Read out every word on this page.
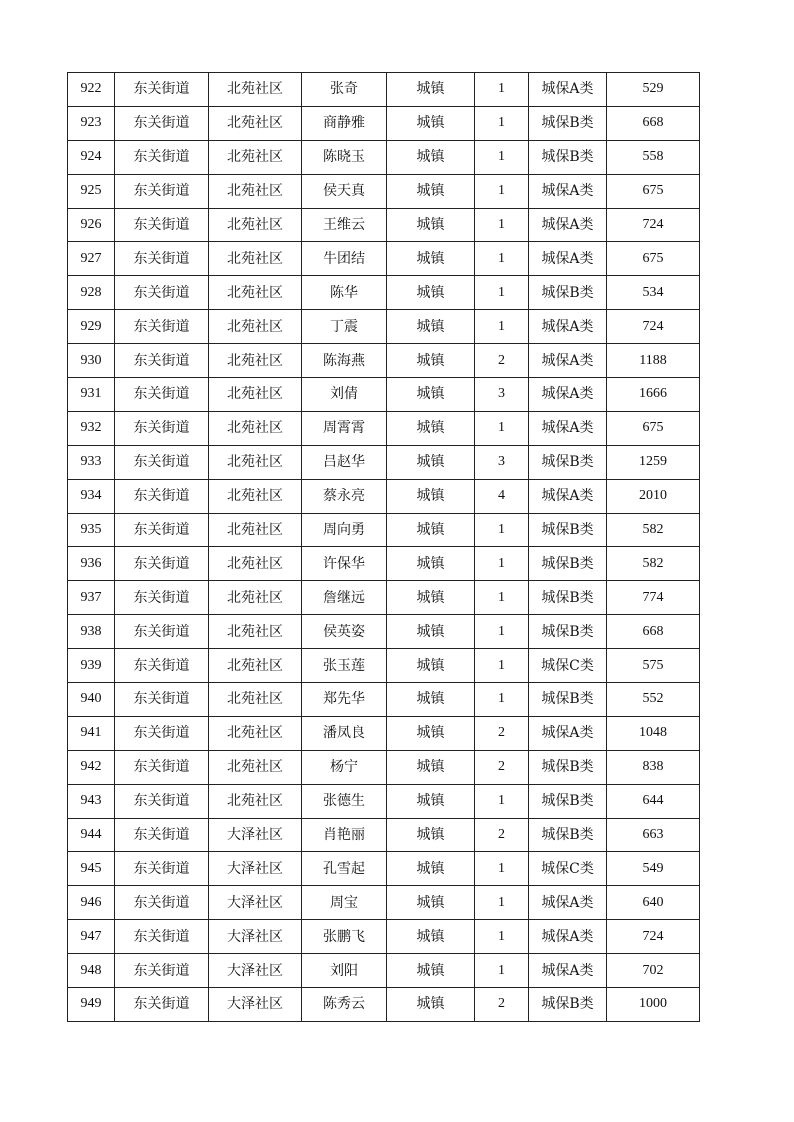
922	东关街道	北苑社区	张奇	城镇	1	城保A类	529
923	东关街道	北苑社区	商静雅	城镇	1	城保B类	668
924	东关街道	北苑社区	陈晓玉	城镇	1	城保B类	558
925	东关街道	北苑社区	侯天真	城镇	1	城保A类	675
926	东关街道	北苑社区	王维云	城镇	1	城保A类	724
927	东关街道	北苑社区	牛团结	城镇	1	城保A类	675
928	东关街道	北苑社区	陈华	城镇	1	城保B类	534
929	东关街道	北苑社区	丁震	城镇	1	城保A类	724
930	东关街道	北苑社区	陈海燕	城镇	2	城保A类	1188
931	东关街道	北苑社区	刘倩	城镇	3	城保A类	1666
932	东关街道	北苑社区	周霄霄	城镇	1	城保A类	675
933	东关街道	北苑社区	吕赵华	城镇	3	城保B类	1259
934	东关街道	北苑社区	蔡永亮	城镇	4	城保A类	2010
935	东关街道	北苑社区	周向勇	城镇	1	城保B类	582
936	东关街道	北苑社区	许保华	城镇	1	城保B类	582
937	东关街道	北苑社区	詹继远	城镇	1	城保B类	774
938	东关街道	北苑社区	侯英姿	城镇	1	城保B类	668
939	东关街道	北苑社区	张玉莲	城镇	1	城保C类	575
940	东关街道	北苑社区	郑先华	城镇	1	城保B类	552
941	东关街道	北苑社区	潘凤良	城镇	2	城保A类	1048
942	东关街道	北苑社区	杨宁	城镇	2	城保B类	838
943	东关街道	北苑社区	张德生	城镇	1	城保B类	644
944	东关街道	大泽社区	肖艳丽	城镇	2	城保B类	663
945	东关街道	大泽社区	孔雪起	城镇	1	城保C类	549
946	东关街道	大泽社区	周宝	城镇	1	城保A类	640
947	东关街道	大泽社区	张鹏飞	城镇	1	城保A类	724
948	东关街道	大泽社区	刘阳	城镇	1	城保A类	702
949	东关街道	大泽社区	陈秀云	城镇	2	城保B类	1000
